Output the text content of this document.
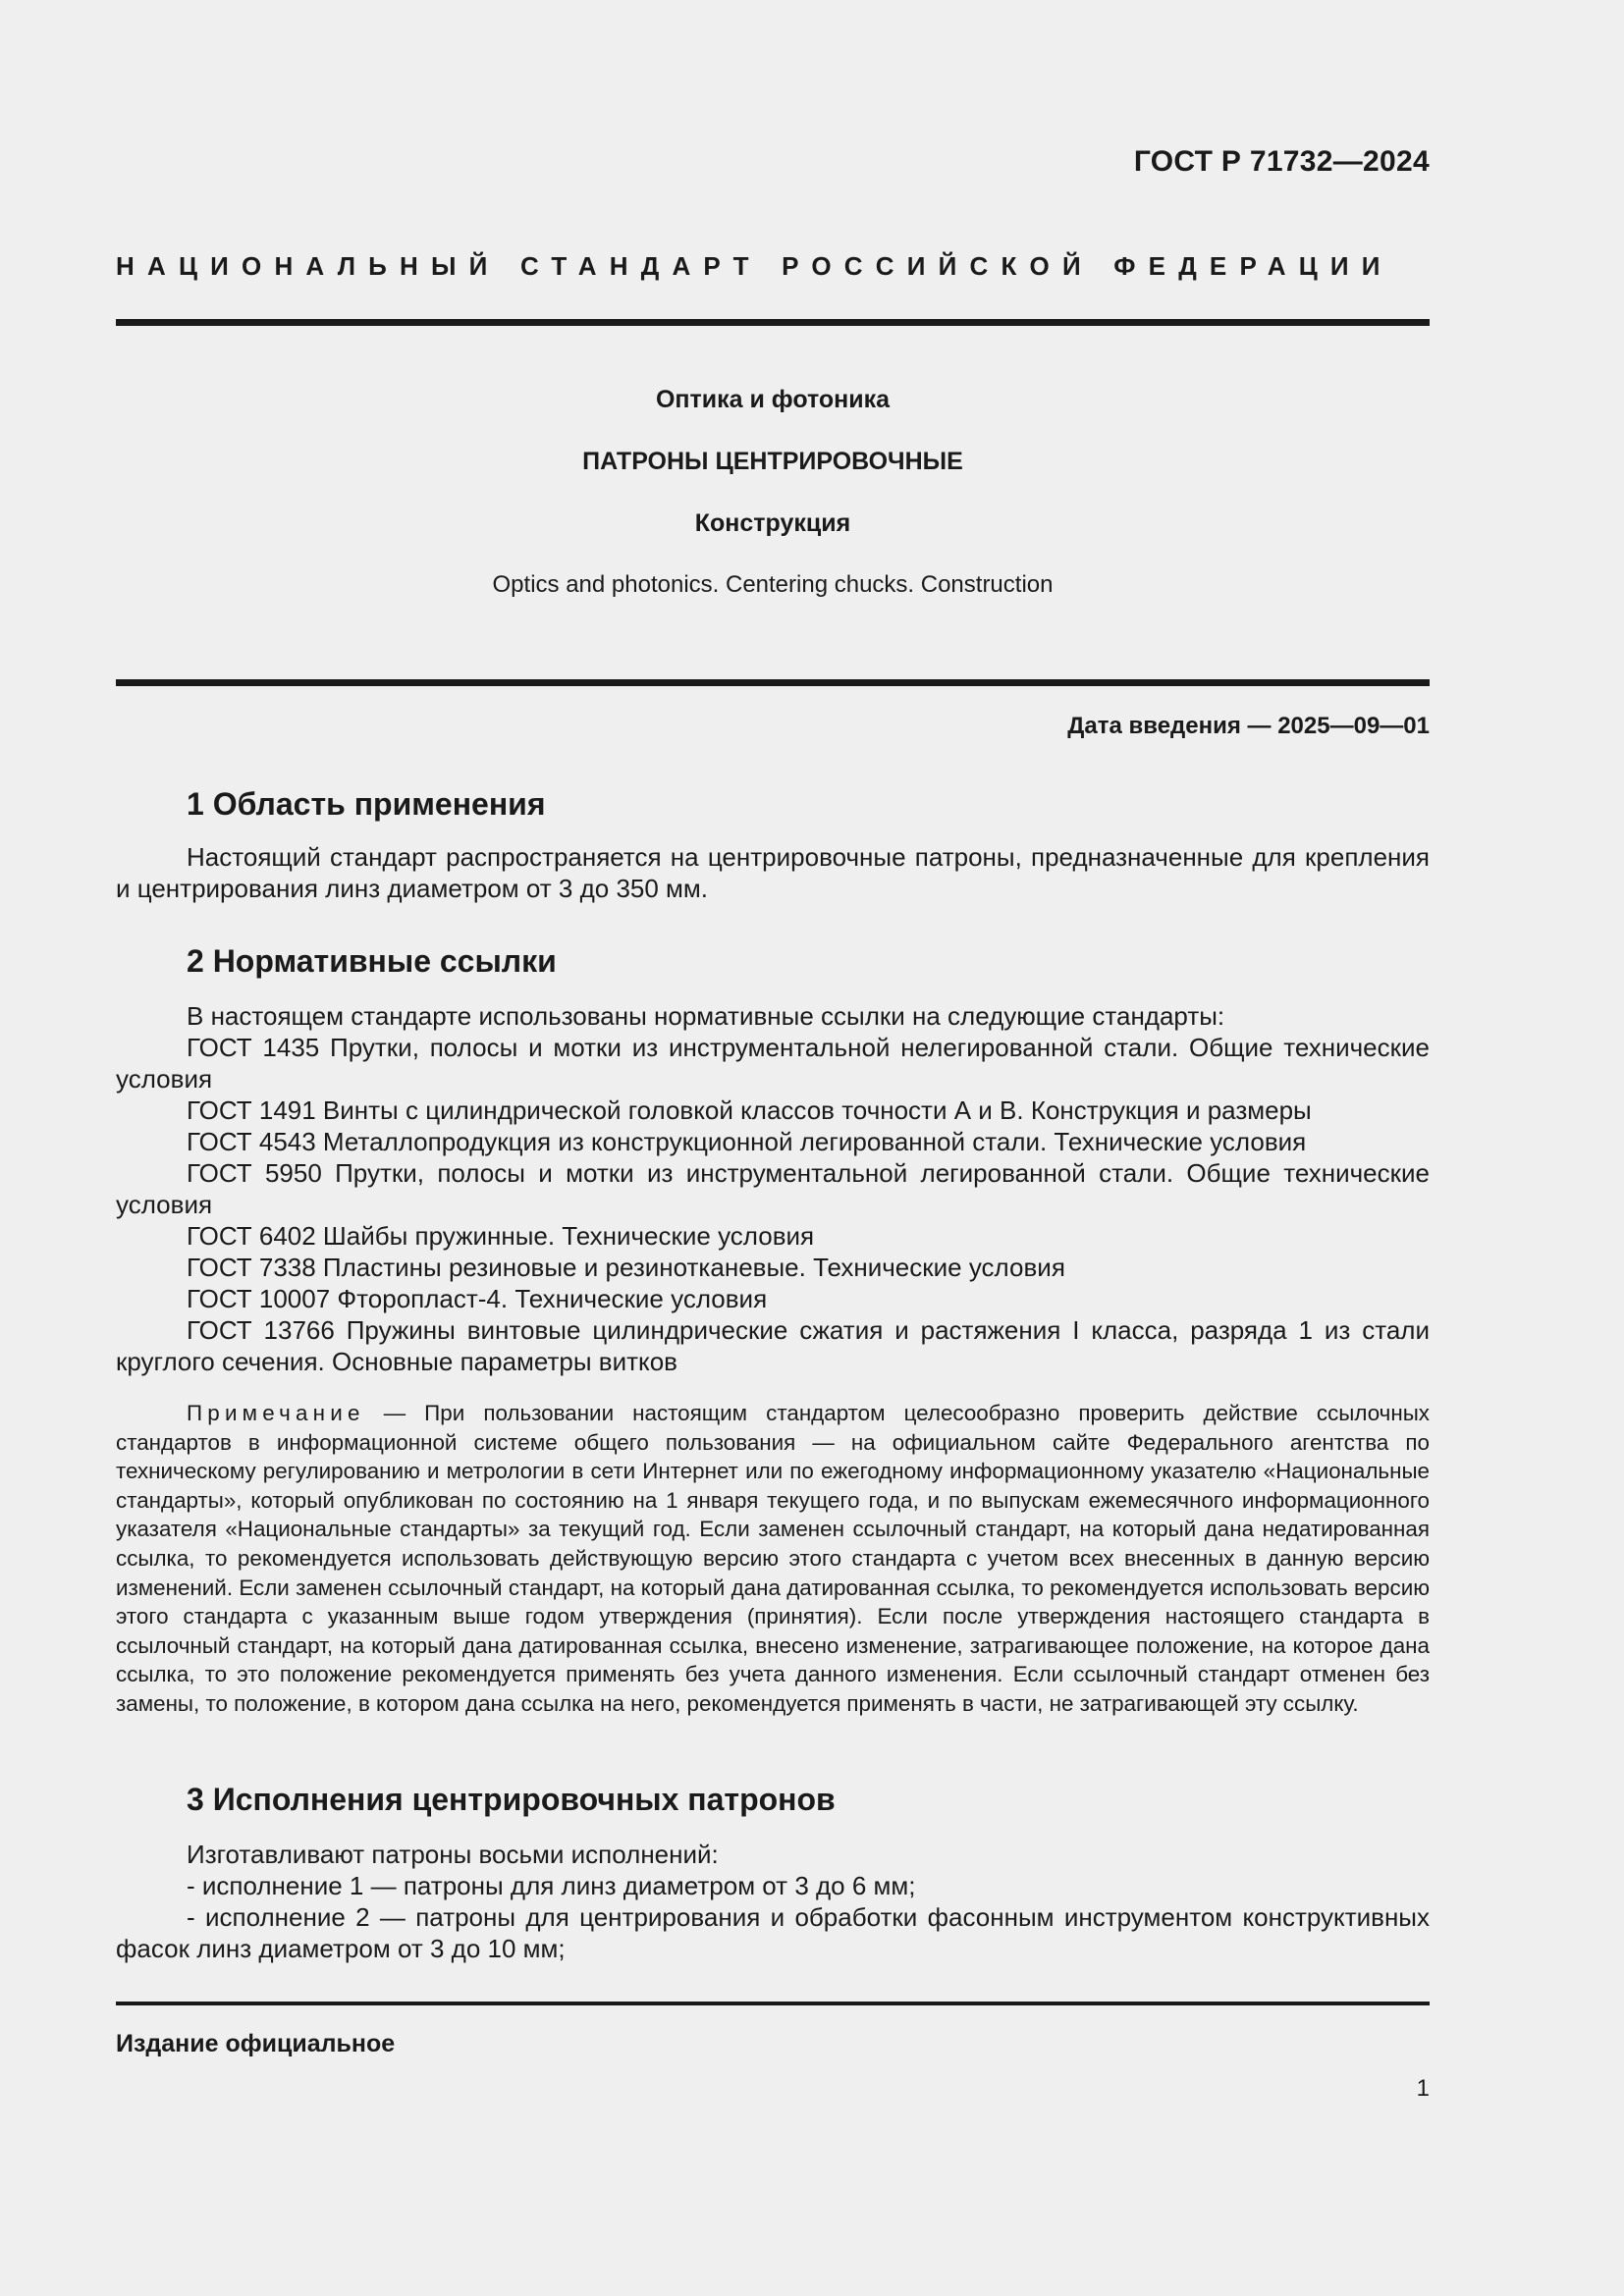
ГОСТ Р 71732—2024
НАЦИОНАЛЬНЫЙ СТАНДАРТ РОССИЙСКОЙ ФЕДЕРАЦИИ
Оптика и фотоника
ПАТРОНЫ ЦЕНТРИРОВОЧНЫЕ
Конструкция
Optics and photonics. Centering chucks. Construction
Дата введения — 2025—09—01
1 Область применения
Настоящий стандарт распространяется на центрировочные патроны, предназначенные для крепления и центрирования линз диаметром от 3 до 350 мм.
2 Нормативные ссылки
В настоящем стандарте использованы нормативные ссылки на следующие стандарты:
ГОСТ 1435 Прутки, полосы и мотки из инструментальной нелегированной стали. Общие технические условия
ГОСТ 1491 Винты с цилиндрической головкой классов точности А и В. Конструкция и размеры
ГОСТ 4543 Металлопродукция из конструкционной легированной стали. Технические условия
ГОСТ 5950 Прутки, полосы и мотки из инструментальной легированной стали. Общие технические условия
ГОСТ 6402 Шайбы пружинные. Технические условия
ГОСТ 7338 Пластины резиновые и резинотканевые. Технические условия
ГОСТ 10007 Фторопласт-4. Технические условия
ГОСТ 13766 Пружины винтовые цилиндрические сжатия и растяжения I класса, разряда 1 из стали круглого сечения. Основные параметры витков
Примечание — При пользовании настоящим стандартом целесообразно проверить действие ссылочных стандартов в информационной системе общего пользования — на официальном сайте Федерального агентства по техническому регулированию и метрологии в сети Интернет или по ежегодному информационному указателю «Национальные стандарты», который опубликован по состоянию на 1 января текущего года, и по выпускам ежемесячного информационного указателя «Национальные стандарты» за текущий год. Если заменен ссылочный стандарт, на который дана недатированная ссылка, то рекомендуется использовать действующую версию этого стандарта с учетом всех внесенных в данную версию изменений. Если заменен ссылочный стандарт, на который дана датированная ссылка, то рекомендуется использовать версию этого стандарта с указанным выше годом утверждения (принятия). Если после утверждения настоящего стандарта в ссылочный стандарт, на который дана датированная ссылка, внесено изменение, затрагивающее положение, на которое дана ссылка, то это положение рекомендуется применять без учета данного изменения. Если ссылочный стандарт отменен без замены, то положение, в котором дана ссылка на него, рекомендуется применять в части, не затрагивающей эту ссылку.
3 Исполнения центрировочных патронов
Изготавливают патроны восьми исполнений:
- исполнение 1 — патроны для линз диаметром от 3 до 6 мм;
- исполнение 2 — патроны для центрирования и обработки фасонным инструментом конструктивных фасок линз диаметром от 3 до 10 мм;
Издание официальное
1
